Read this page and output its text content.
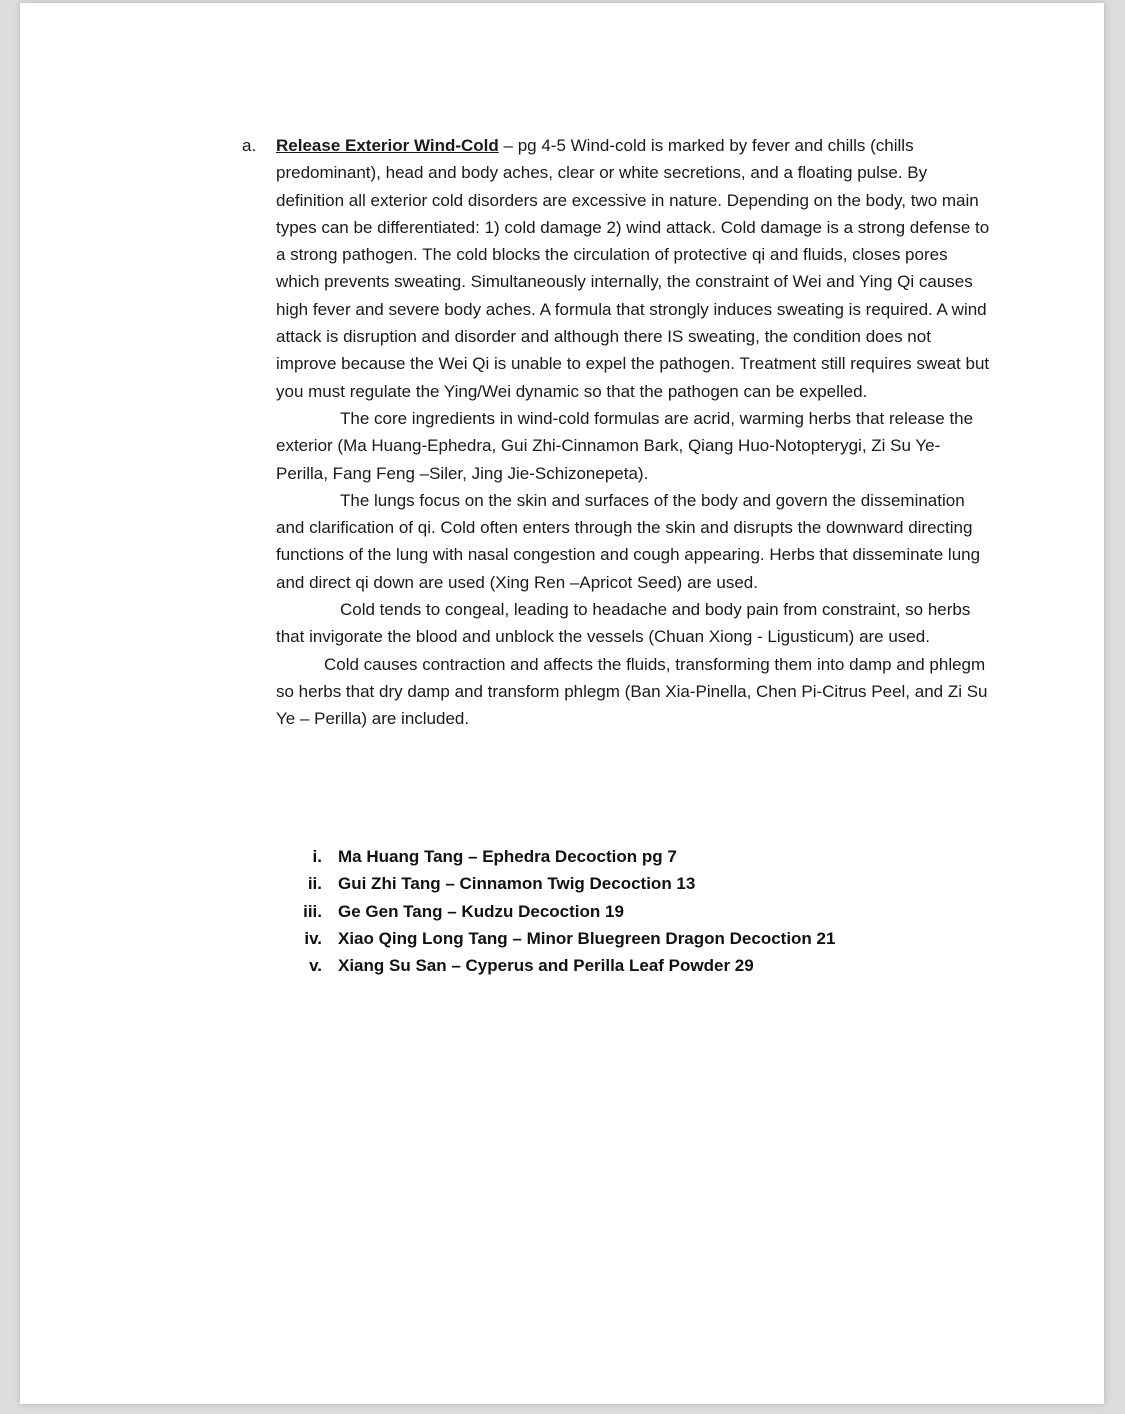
a.	Release Exterior Wind-Cold – pg 4-5 Wind-cold is marked by fever and chills (chills predominant), head and body aches, clear or white secretions, and a floating pulse. By definition all exterior cold disorders are excessive in nature. Depending on the body, two main types can be differentiated: 1) cold damage 2) wind attack. Cold damage is a strong defense to a strong pathogen. The cold blocks the circulation of protective qi and fluids, closes pores which prevents sweating. Simultaneously internally, the constraint of Wei and Ying Qi causes high fever and severe body aches. A formula that strongly induces sweating is required. A wind attack is disruption and disorder and although there IS sweating, the condition does not improve because the Wei Qi is unable to expel the pathogen. Treatment still requires sweat but you must regulate the Ying/Wei dynamic so that the pathogen can be expelled.

The core ingredients in wind-cold formulas are acrid, warming herbs that release the exterior (Ma Huang-Ephedra, Gui Zhi-Cinnamon Bark, Qiang Huo-Notopterygi, Zi Su Ye-Perilla, Fang Feng –Siler, Jing Jie-Schizonepeta).

The lungs focus on the skin and surfaces of the body and govern the dissemination and clarification of qi. Cold often enters through the skin and disrupts the downward directing functions of the lung with nasal congestion and cough appearing. Herbs that disseminate lung and direct qi down are used (Xing Ren –Apricot Seed) are used.

Cold tends to congeal, leading to headache and body pain from constraint, so herbs that invigorate the blood and unblock the vessels (Chuan Xiong - Ligusticum) are used.

Cold causes contraction and affects the fluids, transforming them into damp and phlegm so herbs that dry damp and transform phlegm (Ban Xia-Pinella, Chen Pi-Citrus Peel, and Zi Su Ye – Perilla) are included.

i. Ma Huang Tang – Ephedra Decoction pg 7
ii. Gui Zhi Tang – Cinnamon Twig Decoction 13
iii. Ge Gen Tang – Kudzu Decoction 19
iv. Xiao Qing Long Tang – Minor Bluegreen Dragon Decoction 21
v. Xiang Su San – Cyperus and Perilla Leaf Powder 29
